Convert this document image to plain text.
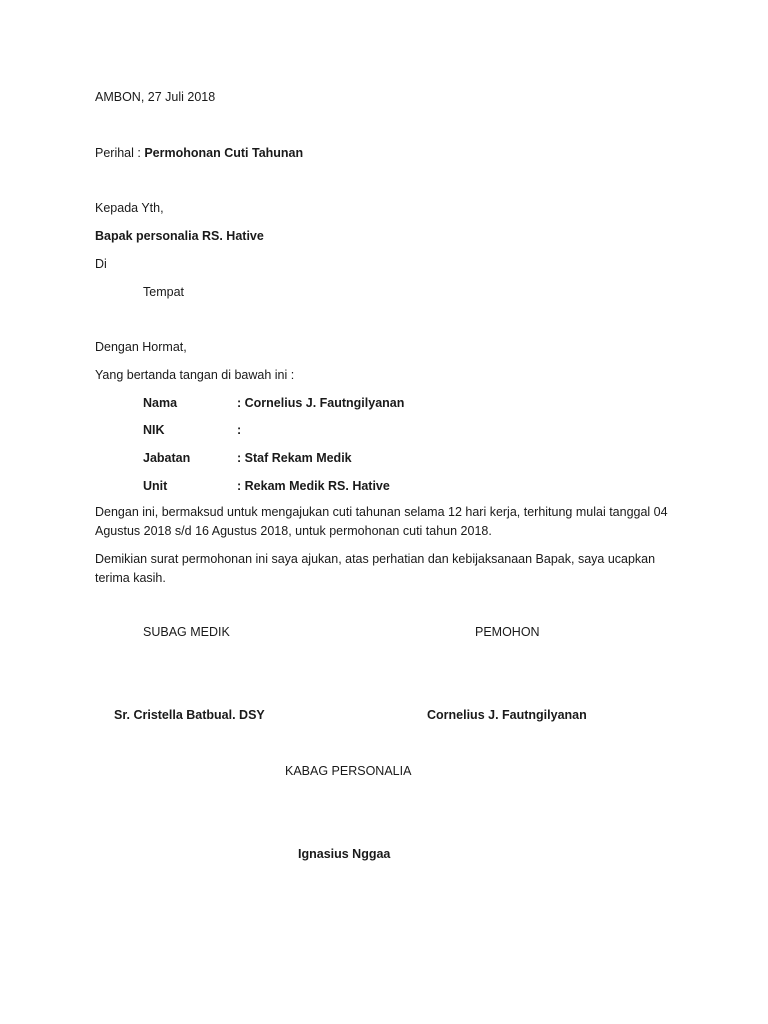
AMBON, 27 Juli 2018
Perihal : Permohonan Cuti Tahunan
Kepada Yth,
Bapak personalia RS. Hative
Di
Tempat
Dengan Hormat,
Yang bertanda tangan di bawah ini :
Nama	: Cornelius J. Fautngilyanan
NIK	:
Jabatan	: Staf Rekam Medik
Unit	: Rekam Medik RS. Hative
Dengan ini, bermaksud untuk mengajukan cuti tahunan selama 12 hari kerja, terhitung mulai tanggal 04 Agustus 2018 s/d 16 Agustus 2018, untuk permohonan cuti tahun 2018.
Demikian surat permohonan ini saya ajukan, atas perhatian dan kebijaksanaan Bapak, saya ucapkan terima kasih.
SUBAG MEDIK	PEMOHON
Sr. Cristella Batbual. DSY	Cornelius J. Fautngilyanan
KABAG PERSONALIA
Ignasius Nggaa
